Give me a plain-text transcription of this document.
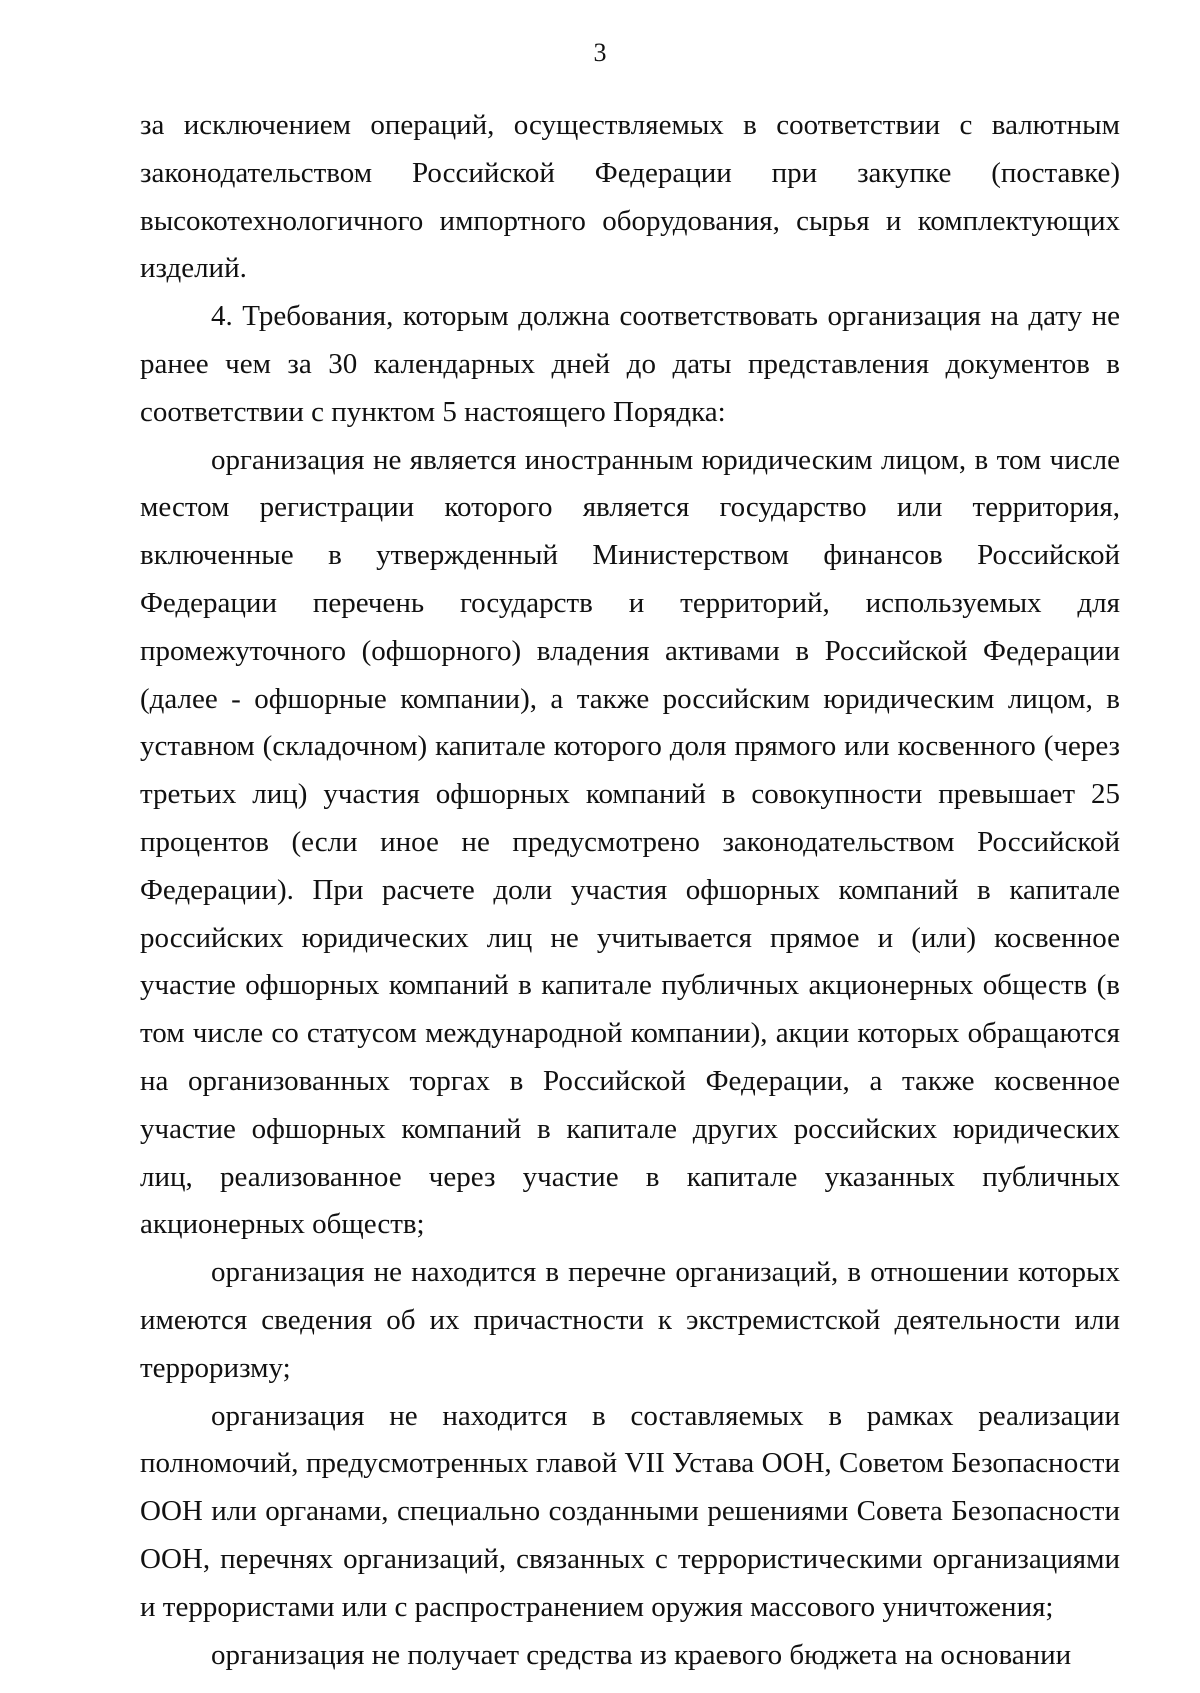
3

за исключением операций, осуществляемых в соответствии с валютным законодательством Российской Федерации при закупке (поставке) высокотехнологичного импортного оборудования, сырья и комплектующих изделий.

4. Требования, которым должна соответствовать организация на дату не ранее чем за 30 календарных дней до даты представления документов в соответствии с пунктом 5 настоящего Порядка:

организация не является иностранным юридическим лицом, в том числе местом регистрации которого является государство или территория, включенные в утвержденный Министерством финансов Российской Федерации перечень государств и территорий, используемых для промежуточного (офшорного) владения активами в Российской Федерации (далее - офшорные компании), а также российским юридическим лицом, в уставном (складочном) капитале которого доля прямого или косвенного (через третьих лиц) участия офшорных компаний в совокупности превышает 25 процентов (если иное не предусмотрено законодательством Российской Федерации). При расчете доли участия офшорных компаний в капитале российских юридических лиц не учитывается прямое и (или) косвенное участие офшорных компаний в капитале публичных акционерных обществ (в том числе со статусом международной компании), акции которых обращаются на организованных торгах в Российской Федерации, а также косвенное участие офшорных компаний в капитале других российских юридических лиц, реализованное через участие в капитале указанных публичных акционерных обществ;

организация не находится в перечне организаций, в отношении которых имеются сведения об их причастности к экстремистской деятельности или терроризму;

организация не находится в составляемых в рамках реализации полномочий, предусмотренных главой VII Устава ООН, Советом Безопасности ООН или органами, специально созданными решениями Совета Безопасности ООН, перечнях организаций, связанных с террористическими организациями и террористами или с распространением оружия массового уничтожения;

организация не получает средства из краевого бюджета на основании
